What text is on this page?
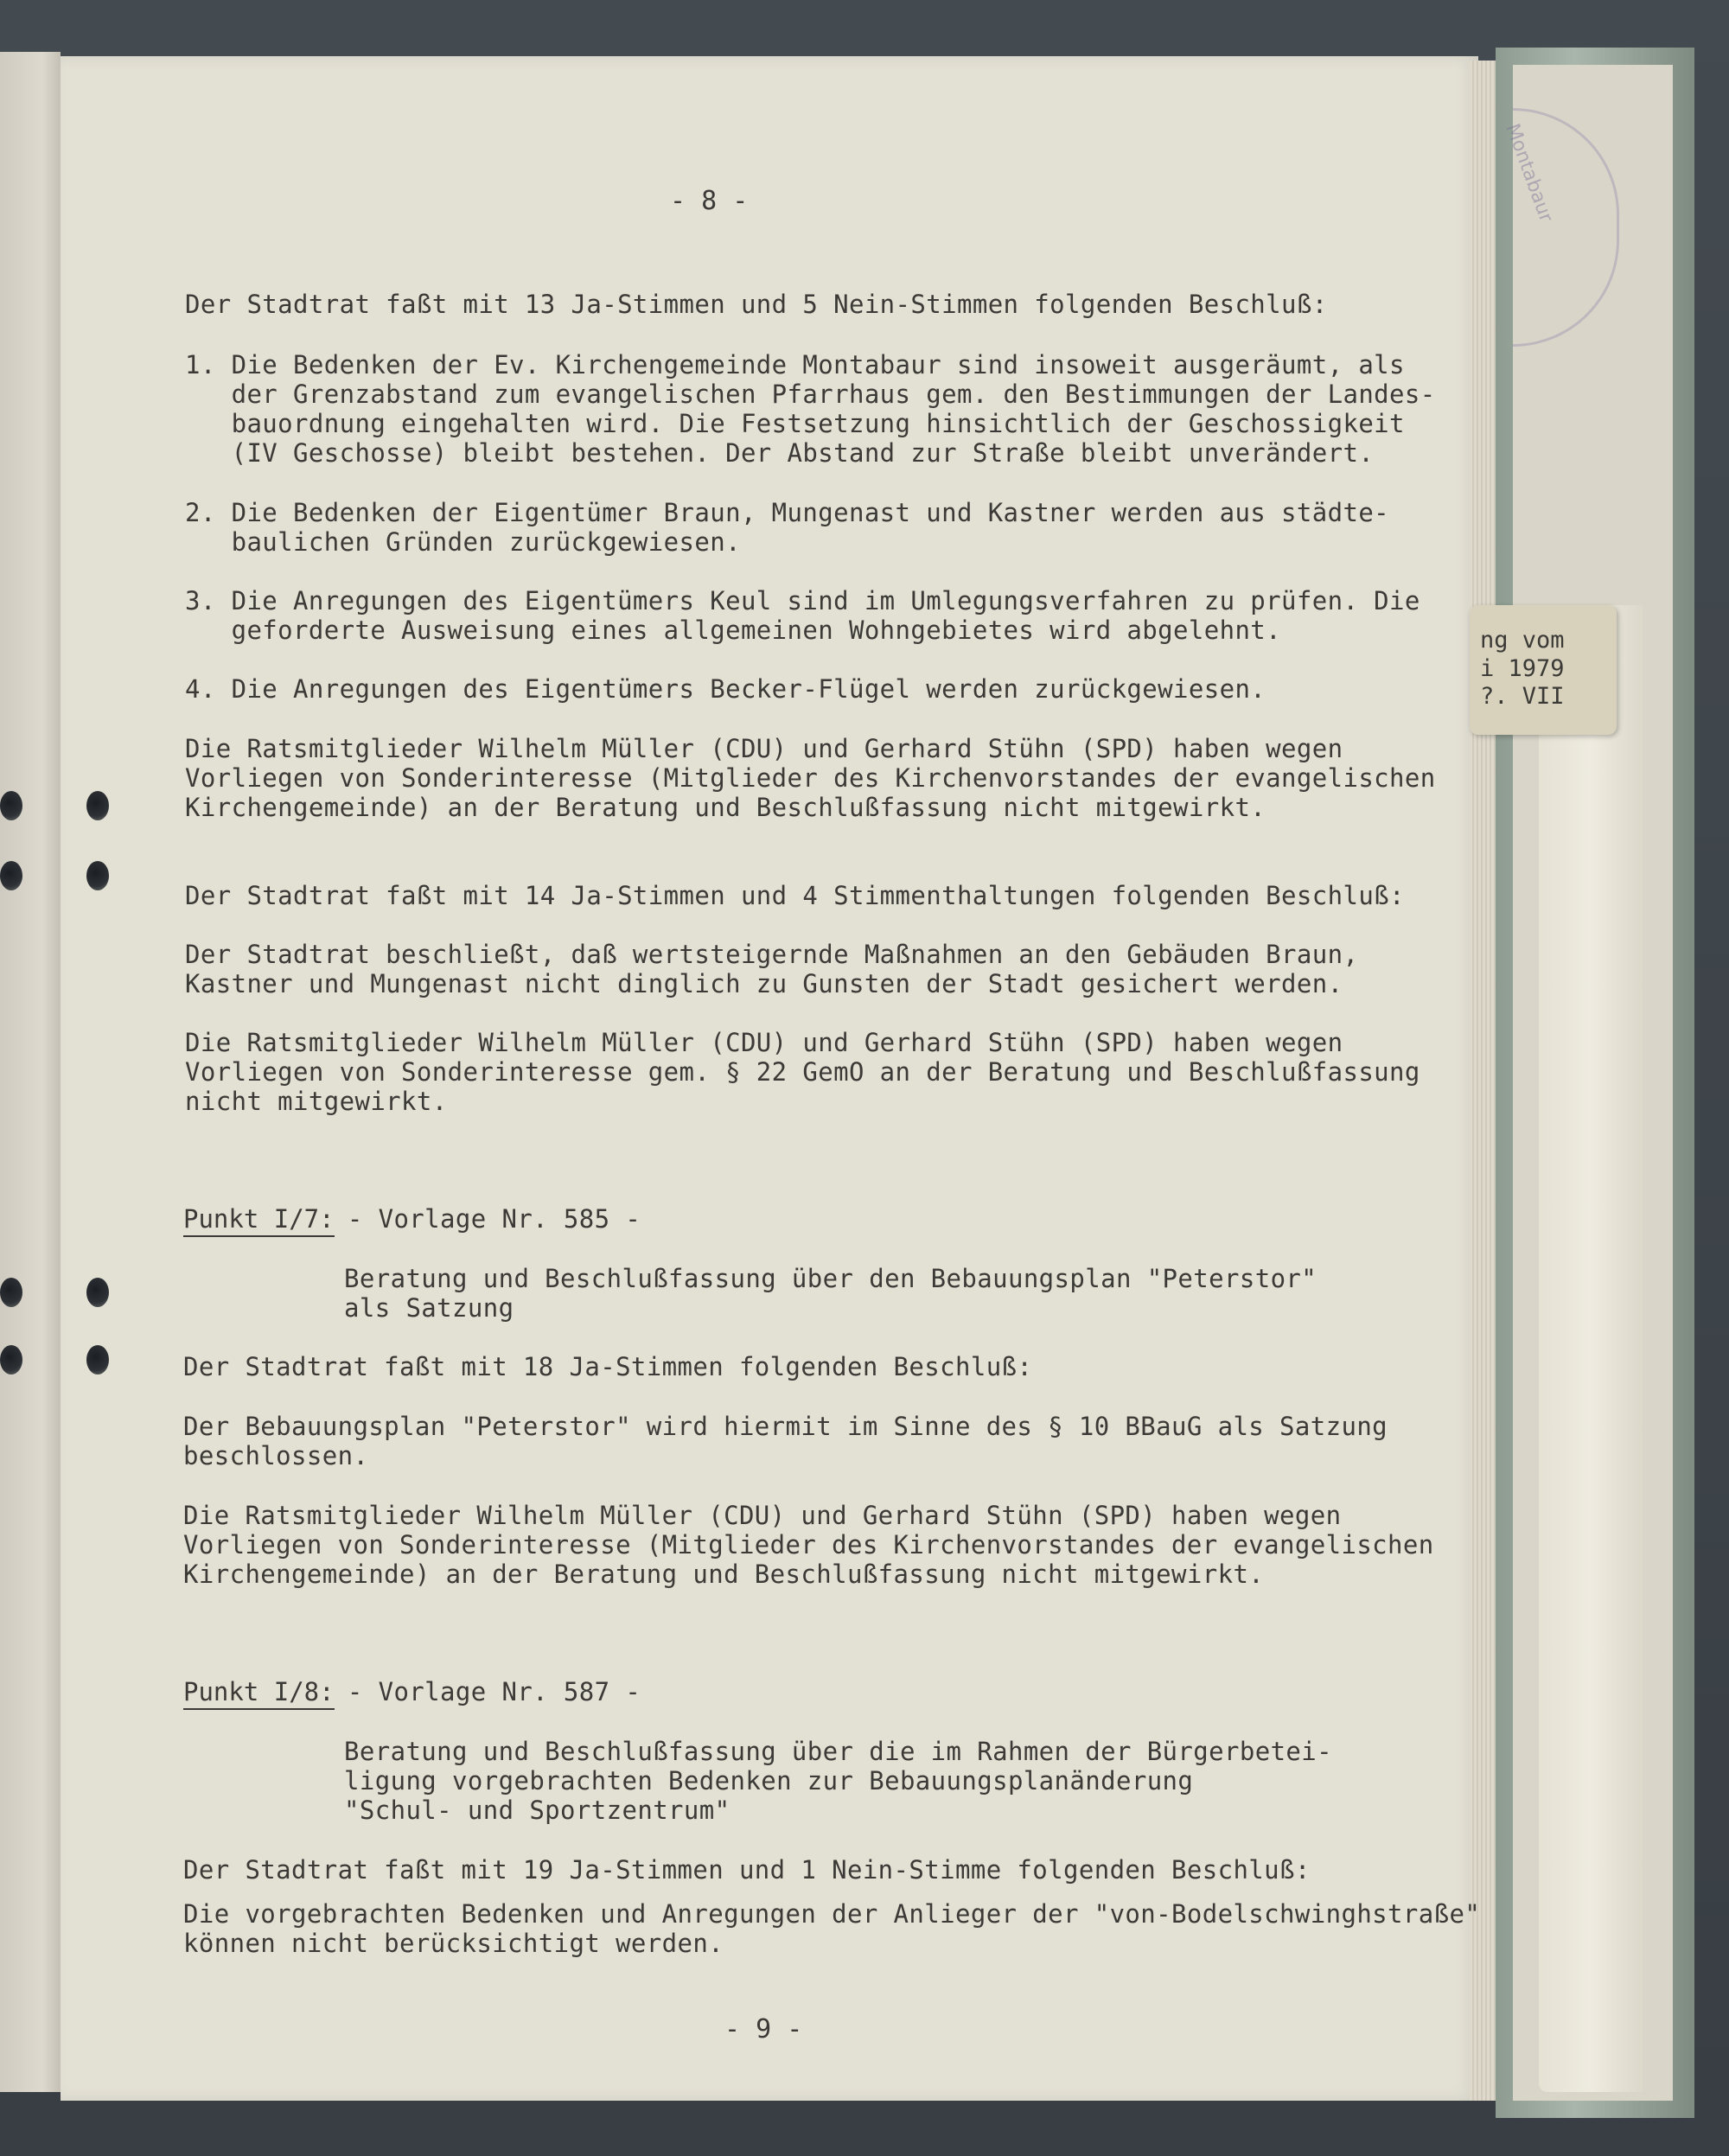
Montabaur
ng vom
i 1979
?. VII
- 8 -

Der Stadtrat faßt mit 13 Ja-Stimmen und 5 Nein-Stimmen folgenden Beschluß:

1. Die Bedenken der Ev. Kirchengemeinde Montabaur sind insoweit ausgeräumt, als

der Grenzabstand zum evangelischen Pfarrhaus gem. den Bestimmungen der Landes-

bauordnung eingehalten wird. Die Festsetzung hinsichtlich der Geschossigkeit

(IV Geschosse) bleibt bestehen. Der Abstand zur Straße bleibt unverändert.

2. Die Bedenken der Eigentümer Braun, Mungenast und Kastner werden aus städte-

baulichen Gründen zurückgewiesen.

3. Die Anregungen des Eigentümers Keul sind im Umlegungsverfahren zu prüfen. Die

geforderte Ausweisung eines allgemeinen Wohngebietes wird abgelehnt.

4. Die Anregungen des Eigentümers Becker-Flügel werden zurückgewiesen.

Die Ratsmitglieder Wilhelm Müller (CDU) und Gerhard Stühn (SPD) haben wegen

Vorliegen von Sonderinteresse (Mitglieder des Kirchenvorstandes der evangelischen

Kirchengemeinde) an der Beratung und Beschlußfassung nicht mitgewirkt.

Der Stadtrat faßt mit 14 Ja-Stimmen und 4 Stimmenthaltungen folgenden Beschluß:

Der Stadtrat beschließt, daß wertsteigernde Maßnahmen an den Gebäuden Braun,

Kastner und Mungenast nicht dinglich zu Gunsten der Stadt gesichert werden.

Die Ratsmitglieder Wilhelm Müller (CDU) und Gerhard Stühn (SPD) haben wegen

Vorliegen von Sonderinteresse gem. § 22 GemO an der Beratung und Beschlußfassung

nicht mitgewirkt.

Punkt I/7:
- Vorlage Nr. 585 -

Beratung und Beschlußfassung über den Bebauungsplan "Peterstor"

als Satzung

Der Stadtrat faßt mit 18 Ja-Stimmen folgenden Beschluß:

Der Bebauungsplan "Peterstor" wird hiermit im Sinne des § 10 BBauG als Satzung

beschlossen.

Die Ratsmitglieder Wilhelm Müller (CDU) und Gerhard Stühn (SPD) haben wegen

Vorliegen von Sonderinteresse (Mitglieder des Kirchenvorstandes der evangelischen

Kirchengemeinde) an der Beratung und Beschlußfassung nicht mitgewirkt.

Punkt I/8:
- Vorlage Nr. 587 -

Beratung und Beschlußfassung über die im Rahmen der Bürgerbetei-

ligung vorgebrachten Bedenken zur Bebauungsplanänderung

"Schul- und Sportzentrum"

Der Stadtrat faßt mit 19 Ja-Stimmen und 1 Nein-Stimme folgenden Beschluß:

Die vorgebrachten Bedenken und Anregungen der Anlieger der "von-Bodelschwinghstraße"

können nicht berücksichtigt werden.

- 9 -
